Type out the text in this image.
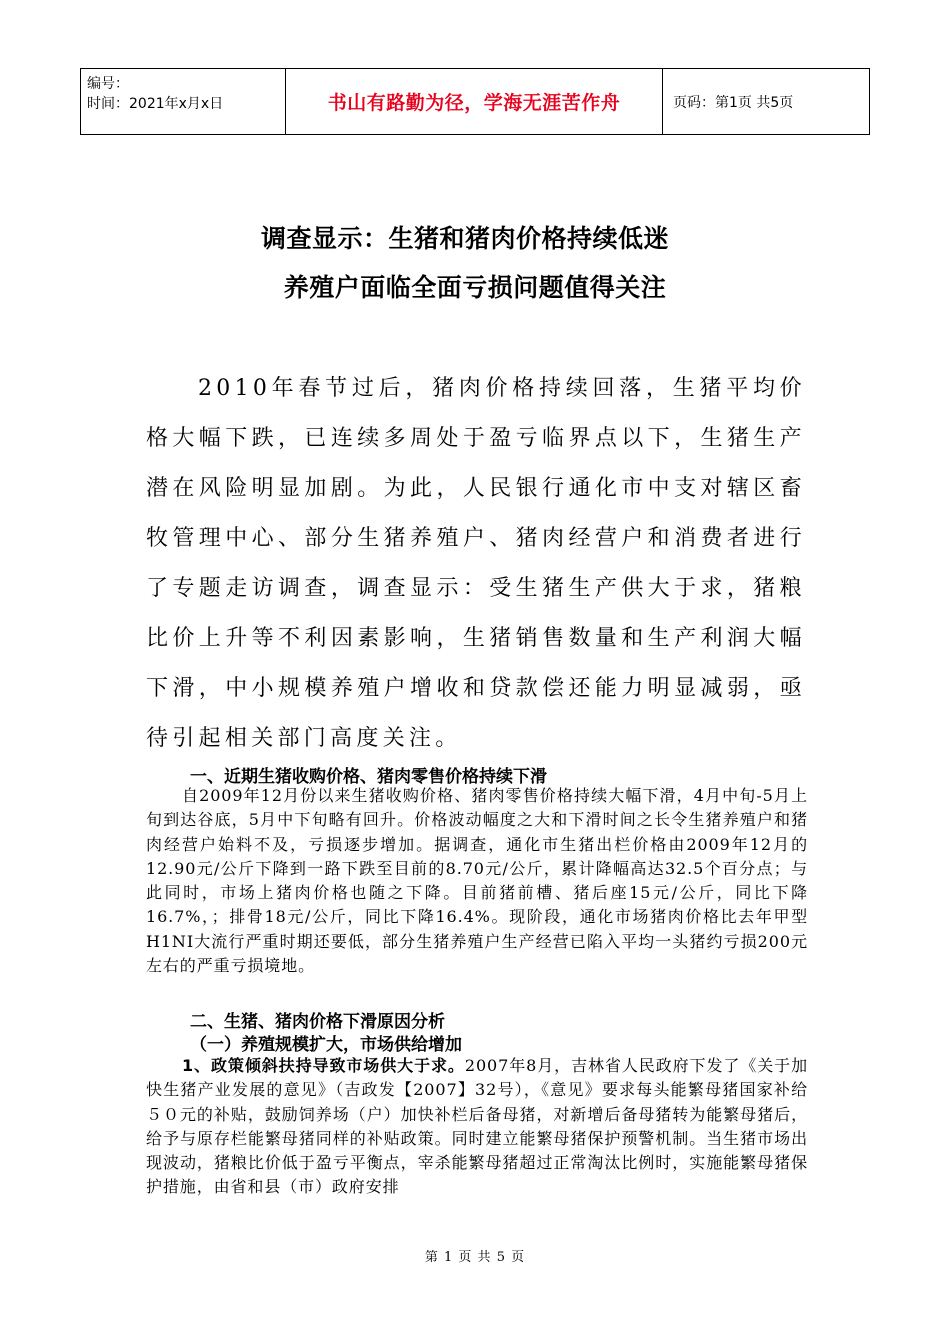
编号：
时间：2021年x月x日	书山有路勤为径，学海无涯苦作舟	页码：第1页 共5页
调查显示：生猪和猪肉价格持续低迷
养殖户面临全面亏损问题值得关注

2010年春节过后，猪肉价格持续回落，生猪平均价格大幅下跌，已连续多周处于盈亏临界点以下，生猪生产潜在风险明显加剧。为此，人民银行通化市中支对辖区畜牧管理中心、部分生猪养殖户、猪肉经营户和消费者进行了专题走访调查，调查显示：受生猪生产供大于求，猪粮比价上升等不利因素影响，生猪销售数量和生产利润大幅下滑，中小规模养殖户增收和贷款偿还能力明显减弱，亟待引起相关部门高度关注。

一、近期生猪收购价格、猪肉零售价格持续下滑

自2009年12月份以来生猪收购价格、猪肉零售价格持续大幅下滑，4月中旬-5月上旬到达谷底，5月中下旬略有回升。价格波动幅度之大和下滑时间之长令生猪养殖户和猪肉经营户始料不及，亏损逐步增加。据调查，通化市生猪出栏价格由2009年12月的12.90元/公斤下降到一路下跌至目前的8.70元/公斤，累计降幅高达32.5个百分点；与此同时，市场上猪肉价格也随之下降。目前猪前槽、猪后座15元/公斤，同比下降16.7%，；排骨18元/公斤，同比下降16.4%。现阶段，通化市场猪肉价格比去年甲型H1NI大流行严重时期还要低，部分生猪养殖户生产经营已陷入平均一头猪约亏损200元左右的严重亏损境地。

二、生猪、猪肉价格下滑原因分析

（一）养殖规模扩大，市场供给增加

1、政策倾斜扶持导致市场供大于求。2007年8月，吉林省人民政府下发了《关于加快生猪产业发展的意见》（吉政发【2007】32号），《意见》要求每头能繁母猪国家补给５０元的补贴，鼓励饲养场（户）加快补栏后备母猪，对新增后备母猪转为能繁母猪后，给予与原存栏能繁母猪同样的补贴政策。同时建立能繁母猪保护预警机制。当生猪市场出现波动，猪粮比价低于盈亏平衡点，宰杀能繁母猪超过正常淘汰比例时，实施能繁母猪保护措施，由省和县（市）政府安排

第 1 页 共 5 页
